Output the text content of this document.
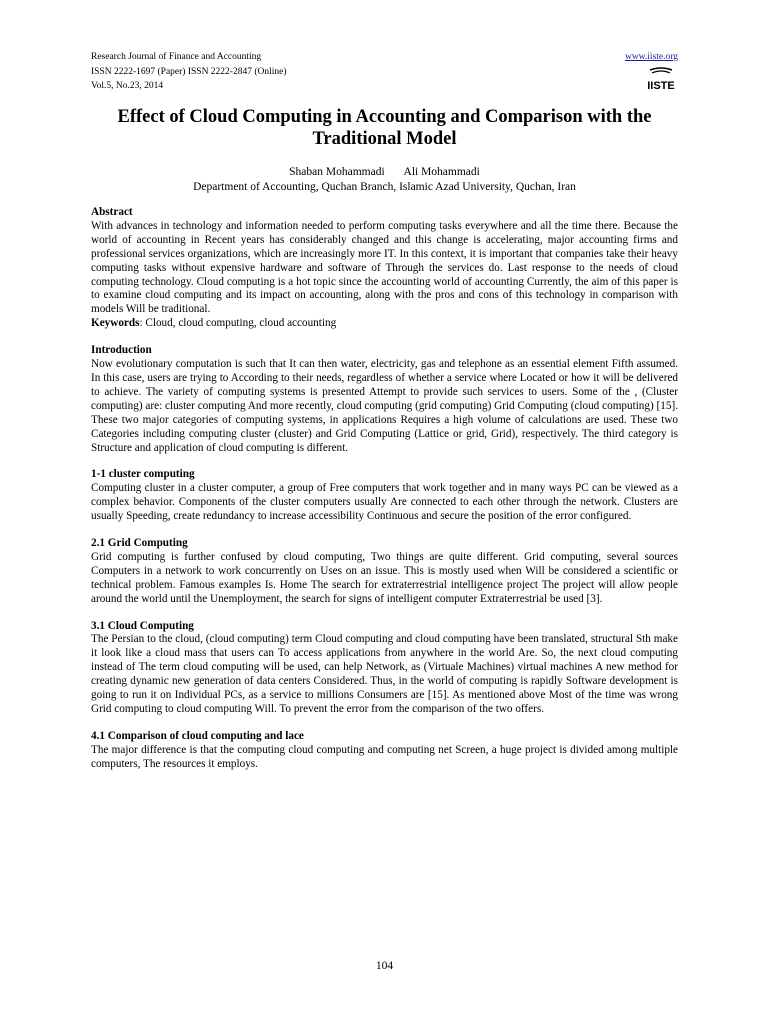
Research Journal of Finance and Accounting
ISSN 2222-1697 (Paper) ISSN 2222-2847 (Online)
Vol.5, No.23, 2014
www.iiste.org
IISTE
Effect of Cloud Computing in Accounting and Comparison with the Traditional Model
Shaban Mohammadi Ali Mohammadi
Department of Accounting, Quchan Branch, Islamic Azad University, Quchan, Iran
Abstract

With advances in technology and information needed to perform computing tasks everywhere and all the time there. Because the world of accounting in Recent years has considerably changed and this change is accelerating, major accounting firms and professional services organizations, which are increasingly more IT. In this context, it is important that companies take their heavy computing tasks without expensive hardware and software of Through the services do. Last response to the needs of cloud computing technology. Cloud computing is a hot topic since the accounting world of accounting Currently, the aim of this paper is to examine cloud computing and its impact on accounting, along with the pros and cons of this technology in comparison with models Will be traditional.

Keywords: Cloud, cloud computing, cloud accounting

Introduction

Now evolutionary computation is such that It can then water, electricity, gas and telephone as an essential element Fifth assumed. In this case, users are trying to According to their needs, regardless of whether a service where Located or how it will be delivered to achieve. The variety of computing systems is presented Attempt to provide such services to users. Some of the , (Cluster computing) are: cluster computing And more recently, cloud computing (grid computing) Grid Computing (cloud computing) [15]. These two major categories of computing systems, in applications Requires a high volume of calculations are used. These two Categories including computing cluster (cluster) and Grid Computing (Lattice or grid, Grid), respectively. The third category is Structure and application of cloud computing is different.

1-1 cluster computing

Computing cluster in a cluster computer, a group of Free computers that work together and in many ways PC can be viewed as a complex behavior. Components of the cluster computers usually Are connected to each other through the network. Clusters are usually Speeding, create redundancy to increase accessibility Continuous and secure the position of the error configured.

2.1 Grid Computing

Grid computing is further confused by cloud computing, Two things are quite different. Grid computing, several sources Computers in a network to work concurrently on Uses on an issue. This is mostly used when Will be considered a scientific or technical problem. Famous examples Is. Home The search for extraterrestrial intelligence project The project will allow people around the world until the Unemployment, the search for signs of intelligent computer Extraterrestrial be used [3].

3.1 Cloud Computing

The Persian to the cloud, (cloud computing) term Cloud computing and cloud computing have been translated, structural Sth make it look like a cloud mass that users can To access applications from anywhere in the world Are. So, the next cloud computing instead of The term cloud computing will be used, can help Network, as (Virtuale Machines) virtual machines A new method for creating dynamic new generation of data centers Considered. Thus, in the world of computing is rapidly Software development is going to run it on Individual PCs, as a service to millions Consumers are [15]. As mentioned above Most of the time was wrong Grid computing to cloud computing Will. To prevent the error from the comparison of the two offers.

4.1 Comparison of cloud computing and lace

The major difference is that the computing cloud computing and computing net Screen, a huge project is divided among multiple computers, The resources it employs.

104
